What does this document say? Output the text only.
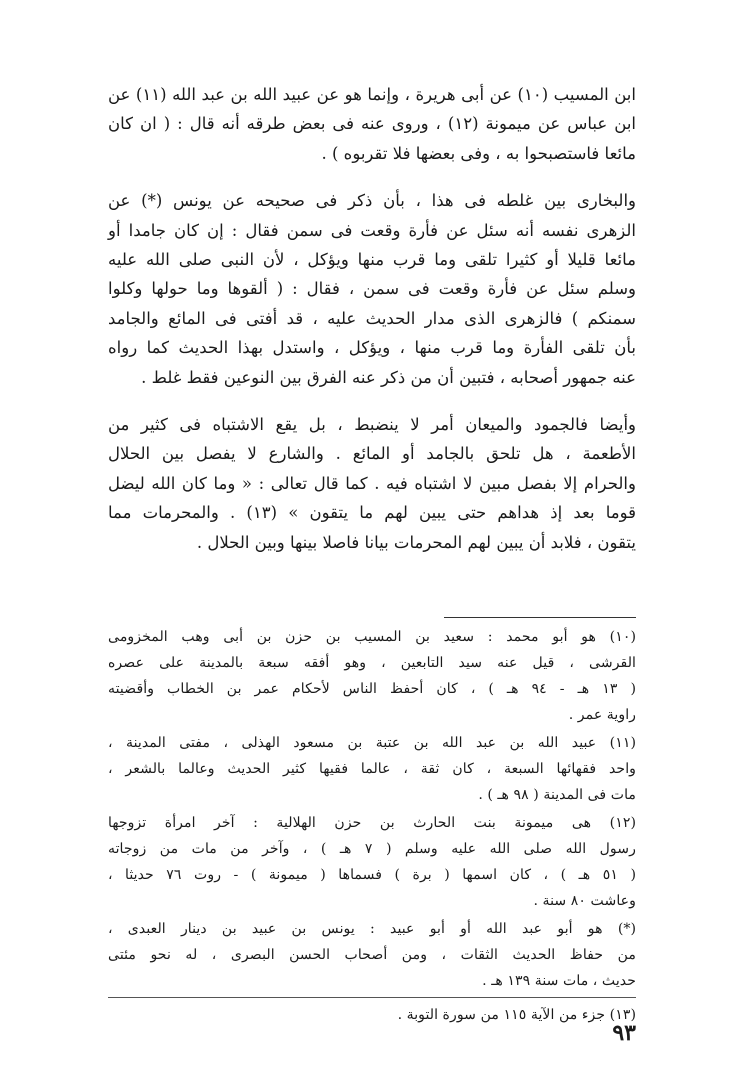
ابن المسيب (١٠) عن أبى هريرة ، وإنما هو عن عبيد الله بن عبد الله (١١) عن

ابن عباس عن ميمونة (١٢) ، وروى عنه فى بعض طرقه أنه قال : ( ان كان

مائعا فاستصبحوا به ، وفى بعضها فلا تقربوه ) .

والبخارى بين غلطه فى هذا ، بأن ذكر فى صحيحه عن يونس (*) عن

الزهرى نفسه أنه سئل عن فأرة وقعت فى سمن فقال : إن كان جامدا أو

مائعا قليلا أو كثيرا تلقى وما قرب منها ويؤكل ، لأن النبى صلى الله عليه

وسلم سئل عن فأرة وقعت فى سمن ، فقال : ( ألقوها وما حولها وكلوا

سمنكم ) فالزهرى الذى مدار الحديث عليه ، قد أفتى فى المائع والجامد

بأن تلقى الفأرة وما قرب منها ، ويؤكل ، واستدل بهذا الحديث كما رواه

عنه جمهور أصحابه ، فتبين أن من ذكر عنه الفرق بين النوعين فقط غلط .

وأيضا فالجمود والميعان أمر لا ينضبط ، بل يقع الاشتباه فى كثير من

الأطعمة ، هل تلحق بالجامد أو المائع . والشارع لا يفصل بين الحلال

والحرام إلا بفصل مبين لا اشتباه فيه . كما قال تعالى : « وما كان الله ليضل

قوما بعد إذ هداهم حتى يبين لهم ما يتقون » (١٣) . والمحرمات مما

يتقون ، فلابد أن يبين لهم المحرمات بيانا فاصلا بينها وبين الحلال .

(١٠) هو أبو محمد : سعيد بن المسيب بن حزن بن أبى وهب المخزومى

القرشى ، قيل عنه سيد التابعين ، وهو أفقه سبعة بالمدينة على عصره

( ١٣ هـ - ٩٤ هـ ) ، كان أحفظ الناس لأحكام عمر بن الخطاب وأقضيته

راوية عمر .

(١١) عبيد الله بن عبد الله بن عتبة بن مسعود الهذلى ، مفتى المدينة ،

واحد فقهائها السبعة ، كان ثقة ، عالما فقيها كثير الحديث وعالما بالشعر ،

مات فى المدينة ( ٩٨ هـ ) .

(١٢) هى ميمونة بنت الحارث بن حزن الهلالية : آخر امرأة تزوجها

رسول الله صلى الله عليه وسلم ( ٧ هـ ) ، وآخر من مات من زوجاته

( ٥١ هـ ) ، كان اسمها ( برة ) فسماها ( ميمونة ) - روت ٧٦ حديثا ،

وعاشت ٨٠ سنة .

(*) هو أبو عبد الله أو أبو عبيد : يونس بن عبيد بن دينار العبدى ،

من حفاظ الحديث الثقات ، ومن أصحاب الحسن البصرى ، له نحو مئتى

حديث ، مات سنة ١٣٩ هـ .

(١٣) جزء من الآية ١١٥ من سورة التوبة .

٩٣
